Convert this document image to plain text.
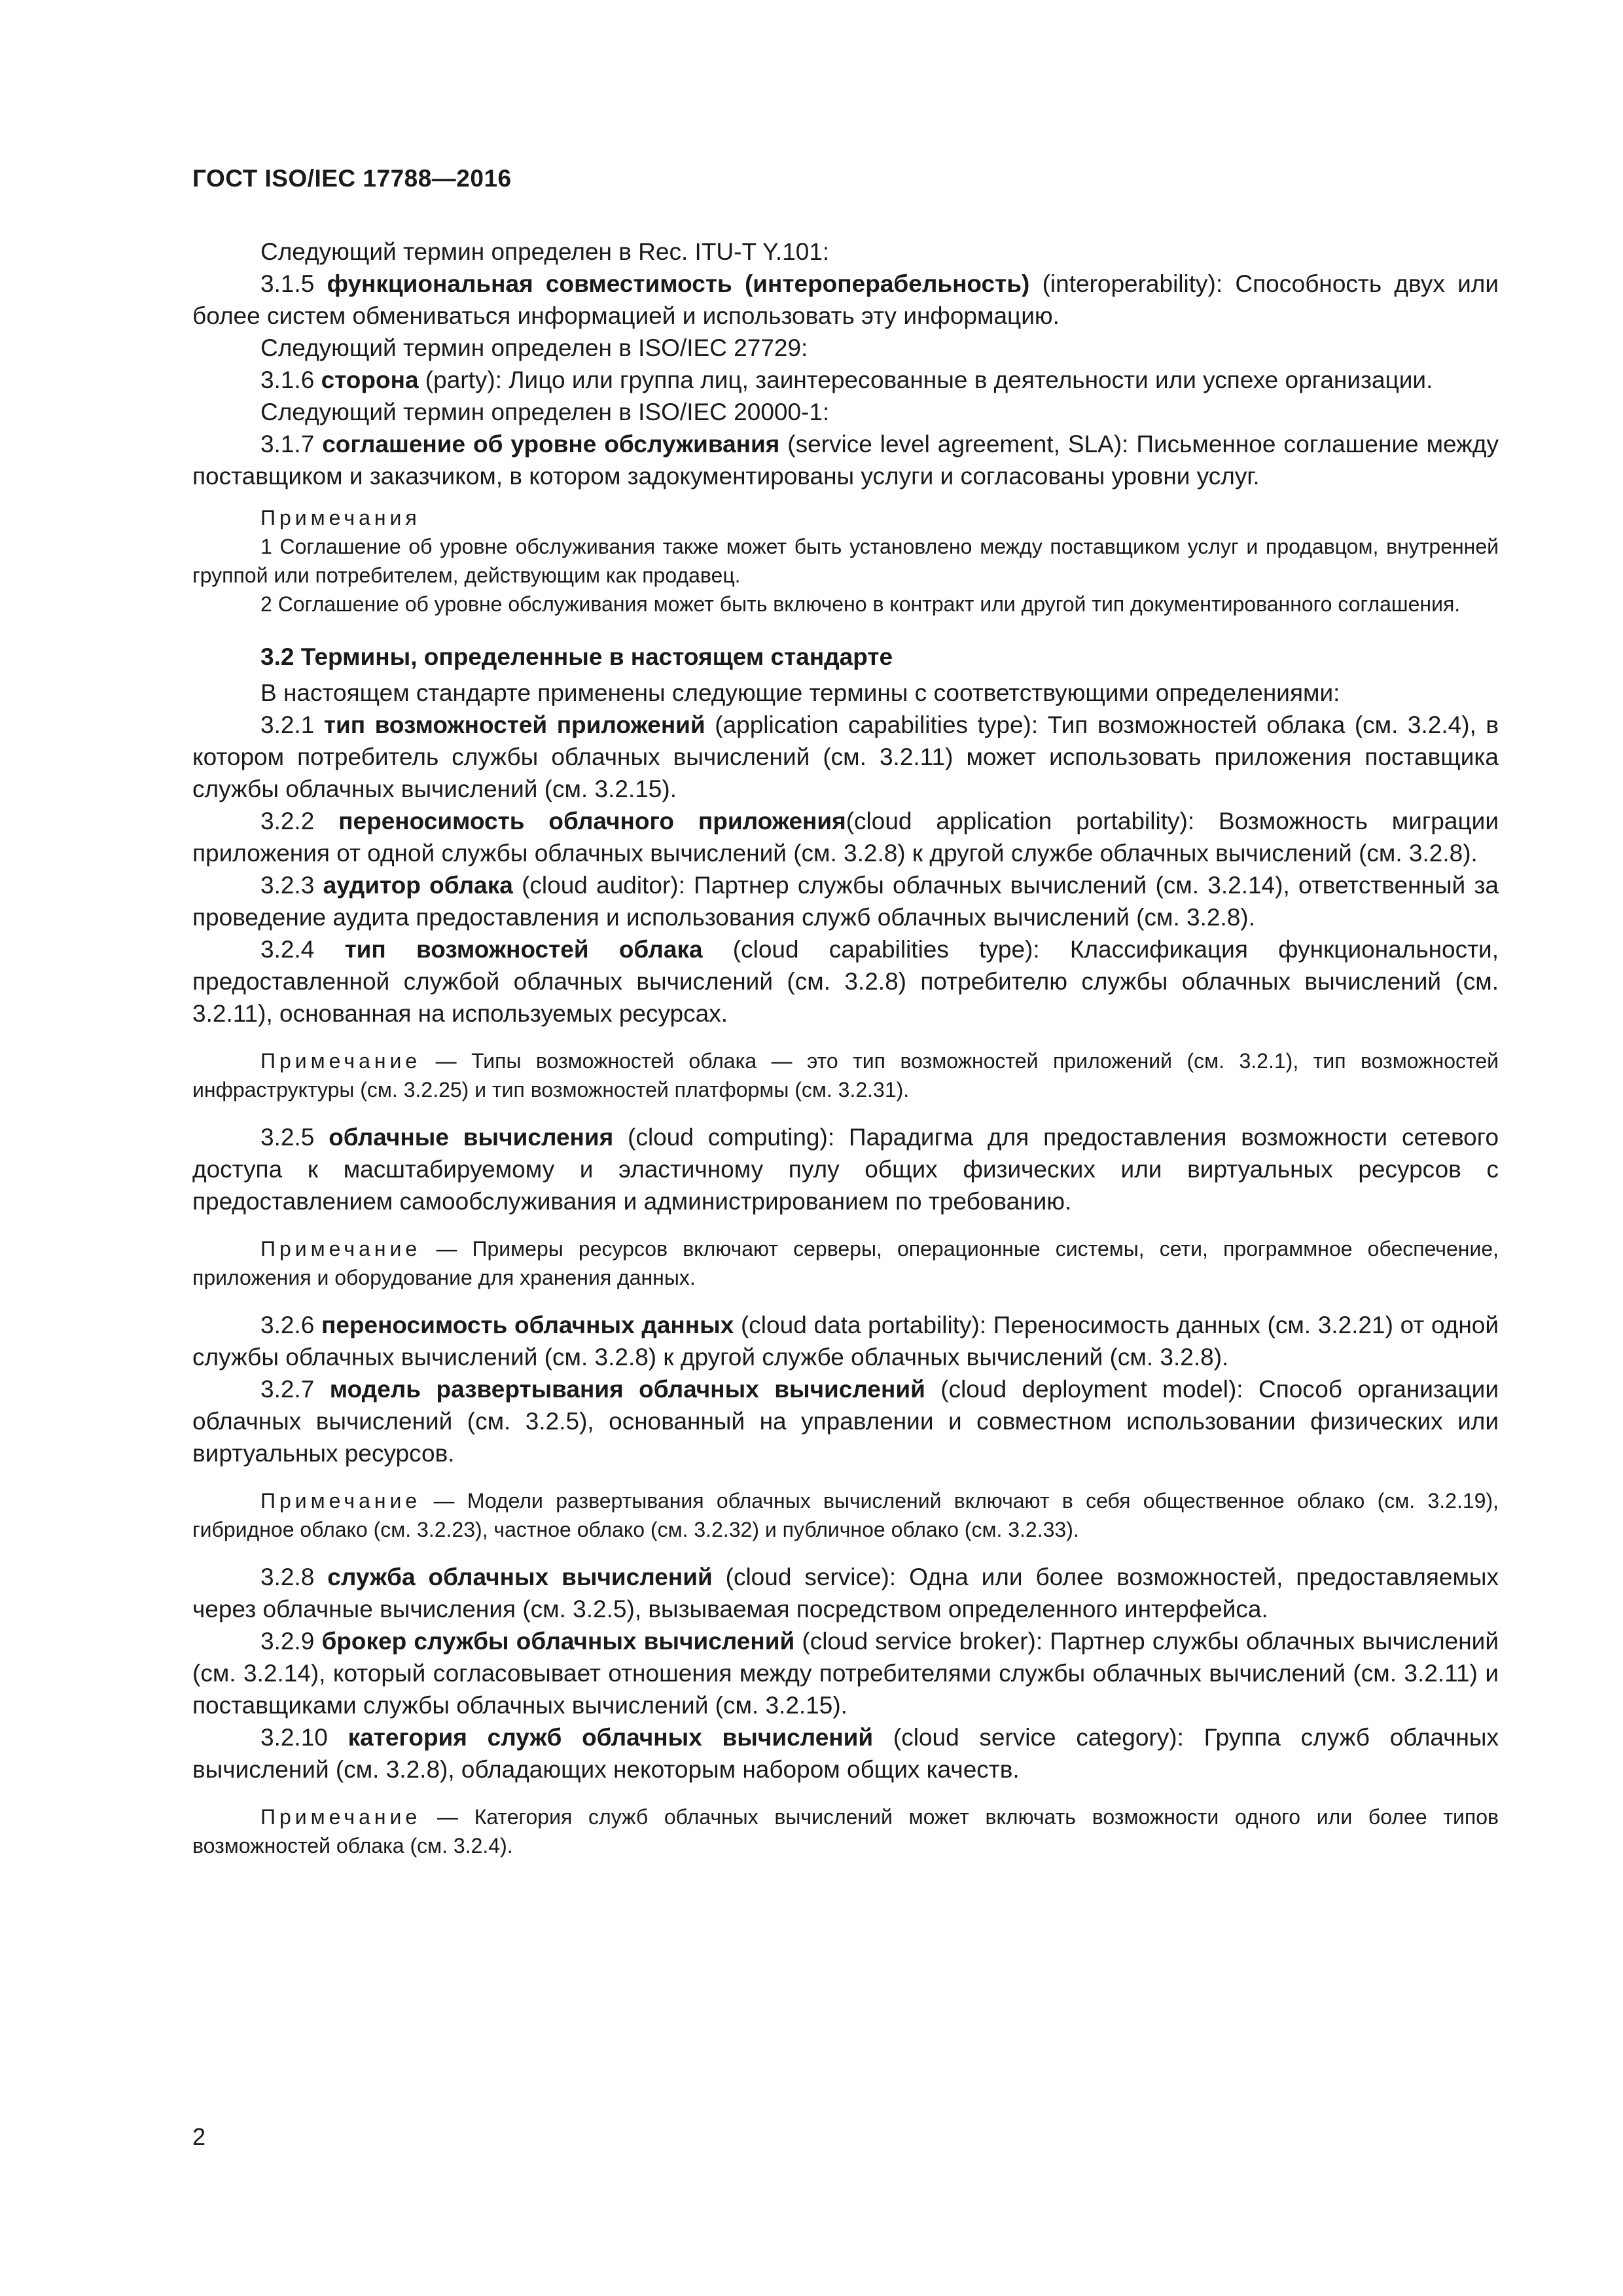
ГОСТ ISO/IEC 17788—2016

Следующий термин определен в Rec. ITU-T Y.101:

3.1.5 функциональная совместимость (интероперабельность) (interoperability): Способность двух или более систем обмениваться информацией и использовать эту информацию.

Следующий термин определен в ISO/IEC 27729:

3.1.6 сторона (party): Лицо или группа лиц, заинтересованные в деятельности или успехе организации.

Следующий термин определен в ISO/IEC 20000-1:

3.1.7 соглашение об уровне обслуживания (service level agreement, SLA): Письменное соглашение между поставщиком и заказчиком, в котором задокументированы услуги и согласованы уровни услуг.

Примечания

1 Соглашение об уровне обслуживания также может быть установлено между поставщиком услуг и продавцом, внутренней группой или потребителем, действующим как продавец.

2 Соглашение об уровне обслуживания может быть включено в контракт или другой тип документированного соглашения.

3.2 Термины, определенные в настоящем стандарте

В настоящем стандарте применены следующие термины с соответствующими определениями:

3.2.1 тип возможностей приложений (application capabilities type): Тип возможностей облака (см. 3.2.4), в котором потребитель службы облачных вычислений (см. 3.2.11) может использовать приложения поставщика службы облачных вычислений (см. 3.2.15).

3.2.2 переносимость облачного приложения(cloud application portability): Возможность миграции приложения от одной службы облачных вычислений (см. 3.2.8) к другой службе облачных вычислений (см. 3.2.8).

3.2.3 аудитор облака (cloud auditor): Партнер службы облачных вычислений (см. 3.2.14), ответственный за проведение аудита предоставления и использования служб облачных вычислений (см. 3.2.8).

3.2.4 тип возможностей облака (cloud capabilities type): Классификация функциональности, предоставленной службой облачных вычислений (см. 3.2.8) потребителю службы облачных вычислений (см. 3.2.11), основанная на используемых ресурсах.

Примечание — Типы возможностей облака — это тип возможностей приложений (см. 3.2.1), тип возможностей инфраструктуры (см. 3.2.25) и тип возможностей платформы (см. 3.2.31).

3.2.5 облачные вычисления (cloud computing): Парадигма для предоставления возможности сетевого доступа к масштабируемому и эластичному пулу общих физических или виртуальных ресурсов с предоставлением самообслуживания и администрированием по требованию.

Примечание — Примеры ресурсов включают серверы, операционные системы, сети, программное обеспечение, приложения и оборудование для хранения данных.

3.2.6 переносимость облачных данных (cloud data portability): Переносимость данных (см. 3.2.21) от одной службы облачных вычислений (см. 3.2.8) к другой службе облачных вычислений (см. 3.2.8).

3.2.7 модель развертывания облачных вычислений (cloud deployment model): Способ организации облачных вычислений (см. 3.2.5), основанный на управлении и совместном использовании физических или виртуальных ресурсов.

Примечание — Модели развертывания облачных вычислений включают в себя общественное облако (см. 3.2.19), гибридное облако (см. 3.2.23), частное облако (см. 3.2.32) и публичное облако (см. 3.2.33).

3.2.8 служба облачных вычислений (cloud service): Одна или более возможностей, предоставляемых через облачные вычисления (см. 3.2.5), вызываемая посредством определенного интерфейса.

3.2.9 брокер службы облачных вычислений (cloud service broker): Партнер службы облачных вычислений (см. 3.2.14), который согласовывает отношения между потребителями службы облачных вычислений (см. 3.2.11) и поставщиками службы облачных вычислений (см. 3.2.15).

3.2.10 категория служб облачных вычислений (cloud service category): Группа служб облачных вычислений (см. 3.2.8), обладающих некоторым набором общих качеств.

Примечание — Категория служб облачных вычислений может включать возможности одного или более типов возможностей облака (см. 3.2.4).

2
